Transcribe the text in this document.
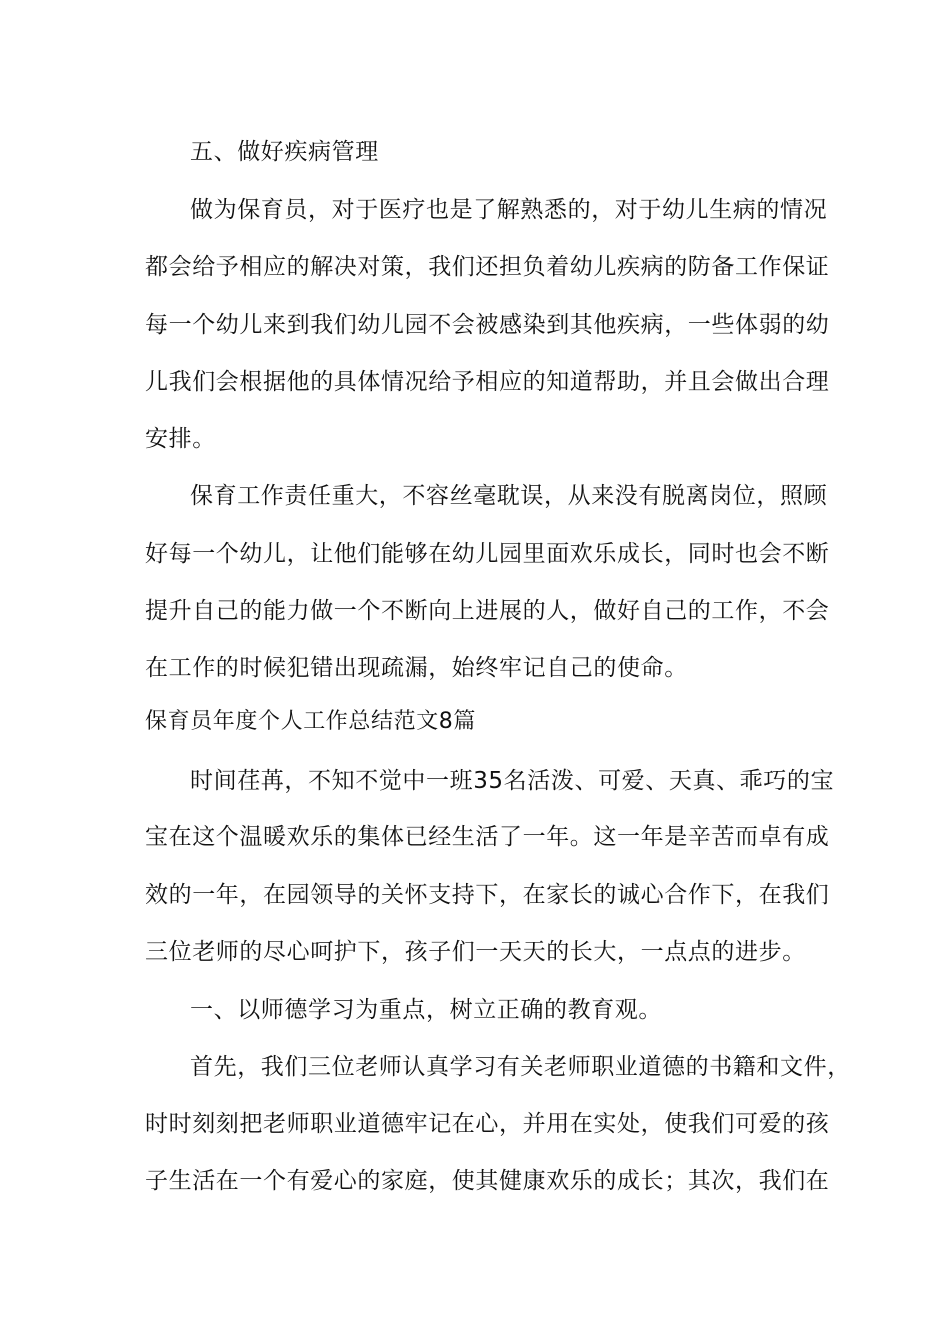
五、做好疾病管理
做为保育员，对于医疗也是了解熟悉的，对于幼儿生病的情况
都会给予相应的解决对策，我们还担负着幼儿疾病的防备工作保证
每一个幼儿来到我们幼儿园不会被感染到其他疾病，一些体弱的幼
儿我们会根据他的具体情况给予相应的知道帮助，并且会做出合理
安排。
保育工作责任重大，不容丝毫耽误，从来没有脱离岗位，照顾
好每一个幼儿，让他们能够在幼儿园里面欢乐成长，同时也会不断
提升自己的能力做一个不断向上进展的人，做好自己的工作，不会
在工作的时候犯错出现疏漏，始终牢记自己的使命。
保育员年度个人工作总结范文8篇
时间荏苒，不知不觉中一班35名活泼、可爱、天真、乖巧的宝
宝在这个温暖欢乐的集体已经生活了一年。这一年是辛苦而卓有成
效的一年，在园领导的关怀支持下，在家长的诚心合作下，在我们
三位老师的尽心呵护下，孩子们一天天的长大，一点点的进步。
一、以师德学习为重点，树立正确的教育观。
首先，我们三位老师认真学习有关老师职业道德的书籍和文件，
时时刻刻把老师职业道德牢记在心，并用在实处，使我们可爱的孩
子生活在一个有爱心的家庭，使其健康欢乐的成长；其次，我们在
